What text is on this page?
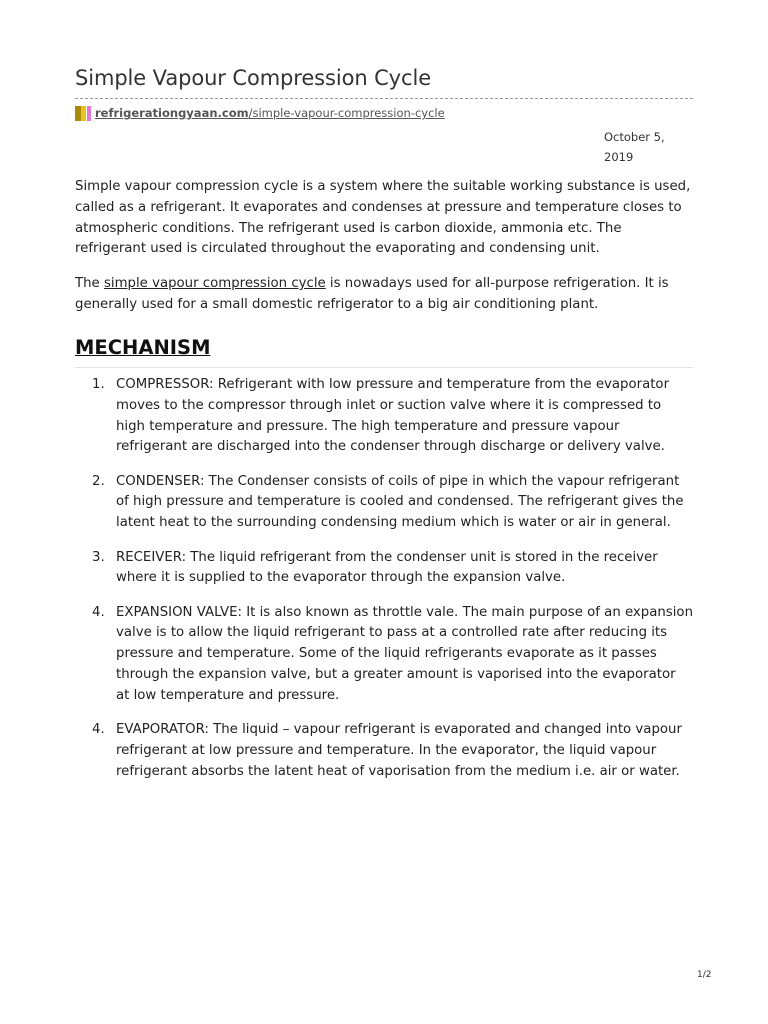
Simple Vapour Compression Cycle
refrigerationgyaan.com/simple-vapour-compression-cycle
October 5, 2019

Simple vapour compression cycle is a system where the suitable working substance is used, called as a refrigerant. It evaporates and condenses at pressure and temperature closes to atmospheric conditions. The refrigerant used is carbon dioxide, ammonia etc. The refrigerant used is circulated throughout the evaporating and condensing unit.

The simple vapour compression cycle is nowadays used for all-purpose refrigeration. It is generally used for a small domestic refrigerator to a big air conditioning plant.

MECHANISM
1. COMPRESSOR: Refrigerant with low pressure and temperature from the evaporator moves to the compressor through inlet or suction valve where it is compressed to high temperature and pressure. The high temperature and pressure vapour refrigerant are discharged into the condenser through discharge or delivery valve.
2. CONDENSER: The Condenser consists of coils of pipe in which the vapour refrigerant of high pressure and temperature is cooled and condensed. The refrigerant gives the latent heat to the surrounding condensing medium which is water or air in general.
3. RECEIVER: The liquid refrigerant from the condenser unit is stored in the receiver where it is supplied to the evaporator through the expansion valve.
4. EXPANSION VALVE: It is also known as throttle vale. The main purpose of an expansion valve is to allow the liquid refrigerant to pass at a controlled rate after reducing its pressure and temperature. Some of the liquid refrigerants evaporate as it passes through the expansion valve, but a greater amount is vaporised into the evaporator at low temperature and pressure.
4. EVAPORATOR: The liquid – vapour refrigerant is evaporated and changed into vapour refrigerant at low pressure and temperature. In the evaporator, the liquid vapour refrigerant absorbs the latent heat of vaporisation from the medium i.e. air or water.
1/2
